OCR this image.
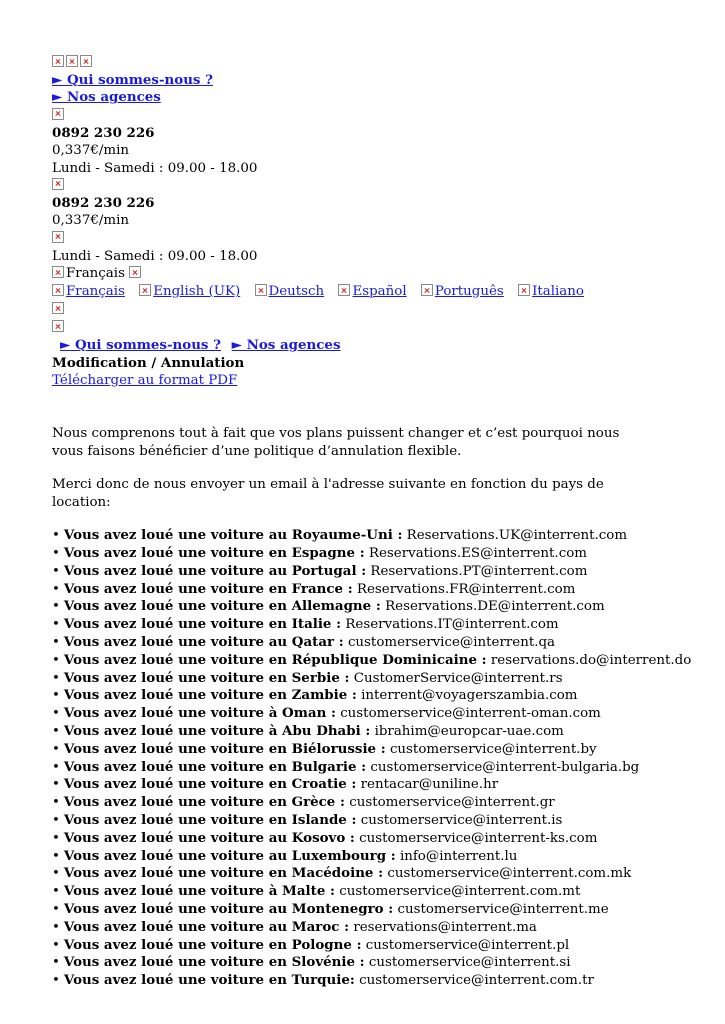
► Qui sommes-nous ?
► Nos agences
0892 230 226
0,337€/min
Lundi - Samedi : 09.00 - 18.00
0892 230 226
0,337€/min
Lundi - Samedi : 09.00 - 18.00
Français
Français English (UK) Deutsch Español Português Italiano
► Qui sommes-nous ? ► Nos agences
Modification / Annulation
Télécharger au format PDF
Nous comprenons tout à fait que vos plans puissent changer et c’est pourquoi nous vous faisons bénéficier d’une politique d’annulation flexible.
Merci donc de nous envoyer un email à l'adresse suivante en fonction du pays de location:
• Vous avez loué une voiture au Royaume-Uni : Reservations.UK@interrent.com
• Vous avez loué une voiture en Espagne : Reservations.ES@interrent.com
• Vous avez loué une voiture au Portugal : Reservations.PT@interrent.com
• Vous avez loué une voiture en France : Reservations.FR@interrent.com
• Vous avez loué une voiture en Allemagne : Reservations.DE@interrent.com
• Vous avez loué une voiture en Italie : Reservations.IT@interrent.com
• Vous avez loué une voiture au Qatar : customerservice@interrent.qa
• Vous avez loué une voiture en République Dominicaine : reservations.do@interrent.do
• Vous avez loué une voiture en Serbie : CustomerService@interrent.rs
• Vous avez loué une voiture en Zambie : interrent@voyagerszambia.com
• Vous avez loué une voiture à Oman : customerservice@interrent-oman.com
• Vous avez loué une voiture à Abu Dhabi : ibrahim@europcar-uae.com
• Vous avez loué une voiture en Biélorussie : customerservice@interrent.by
• Vous avez loué une voiture en Bulgarie : customerservice@interrent-bulgaria.bg
• Vous avez loué une voiture en Croatie : rentacar@uniline.hr
• Vous avez loué une voiture en Grèce : customerservice@interrent.gr
• Vous avez loué une voiture en Islande : customerservice@interrent.is
• Vous avez loué une voiture au Kosovo : customerservice@interrent-ks.com
• Vous avez loué une voiture au Luxembourg : info@interrent.lu
• Vous avez loué une voiture en Macédoine : customerservice@interrent.com.mk
• Vous avez loué une voiture à Malte : customerservice@interrent.com.mt
• Vous avez loué une voiture au Montenegro : customerservice@interrent.me
• Vous avez loué une voiture au Maroc : reservations@interrent.ma
• Vous avez loué une voiture en Pologne : customerservice@interrent.pl
• Vous avez loué une voiture en Slovénie : customerservice@interrent.si
• Vous avez loué une voiture en Turquie: customerservice@interrent.com.tr
